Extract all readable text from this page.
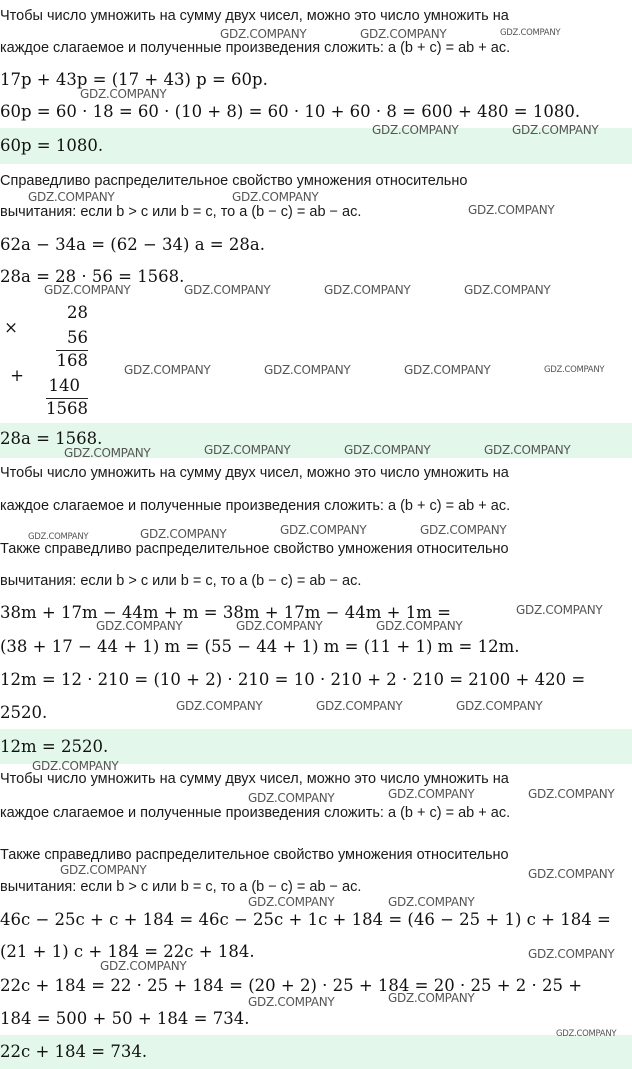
Чтобы число умножить на сумму двух чисел, можно это число умножить на
каждое слагаемое и полученные произведения сложить: a (b + c) = ab + ac.
17p + 43p = (17 + 43) p = 60p.
60p = 60 · 18 = 60 · (10 + 8) = 60 · 10 + 60 · 8 = 600 + 480 = 1080.
60p = 1080.
Справедливо распределительное свойство умножения относительно
вычитания: если b > c или b = c, то a (b − c) = ab − ac.
62a − 34a = (62 − 34) a = 28a.
28a = 28 · 56 = 1568.
×
28
56
168
+
140
1568
28a = 1568.
Чтобы число умножить на сумму двух чисел, можно это число умножить на
каждое слагаемое и полученные произведения сложить: a (b + c) = ab + ac.
Также справедливо распределительное свойство умножения относительно
вычитания: если b > c или b = c, то a (b − c) = ab − ac.
38m + 17m − 44m + m = 38m + 17m − 44m + 1m =
(38 + 17 − 44 + 1) m = (55 − 44 + 1) m = (11 + 1) m = 12m.
12m = 12 · 210 = (10 + 2) · 210 = 10 · 210 + 2 · 210 = 2100 + 420 =
2520.
12m = 2520.
Чтобы число умножить на сумму двух чисел, можно это число умножить на
каждое слагаемое и полученные произведения сложить: a (b + c) = ab + ac.
Также справедливо распределительное свойство умножения относительно
вычитания: если b > c или b = c, то a (b − c) = ab − ac.
46c − 25c + c + 184 = 46c − 25c + 1c + 184 = (46 − 25 + 1) c + 184 =
(21 + 1) c + 184 = 22c + 184.
22c + 184 = 22 · 25 + 184 = (20 + 2) · 25 + 184 = 20 · 25 + 2 · 25 +
184 = 500 + 50 + 184 = 734.
22c + 184 = 734.
GDZ.COMPANY	GDZ.COMPANY	GDZ.COMPANY
GDZ.COMPANY
GDZ.COMPANY	GDZ.COMPANY
GDZ.COMPANY	GDZ.COMPANY
GDZ.COMPANY
GDZ.COMPANY	GDZ.COMPANY	GDZ.COMPANY	GDZ.COMPANY
GDZ.COMPANY	GDZ.COMPANY	GDZ.COMPANY	GDZ.COMPANY
GDZ.COMPANY	GDZ.COMPANY	GDZ.COMPANY	GDZ.COMPANY
GDZ.COMPANY	GDZ.COMPANY	GDZ.COMPANY	GDZ.COMPANY
GDZ.COMPANY
GDZ.COMPANY	GDZ.COMPANY	GDZ.COMPANY
GDZ.COMPANY	GDZ.COMPANY	GDZ.COMPANY
GDZ.COMPANY
GDZ.COMPANY	GDZ.COMPANY	GDZ.COMPANY
GDZ.COMPANY	GDZ.COMPANY
GDZ.COMPANY	GDZ.COMPANY
GDZ.COMPANY
GDZ.COMPANY
GDZ.COMPANY	GDZ.COMPANY
GDZ.COMPANY
